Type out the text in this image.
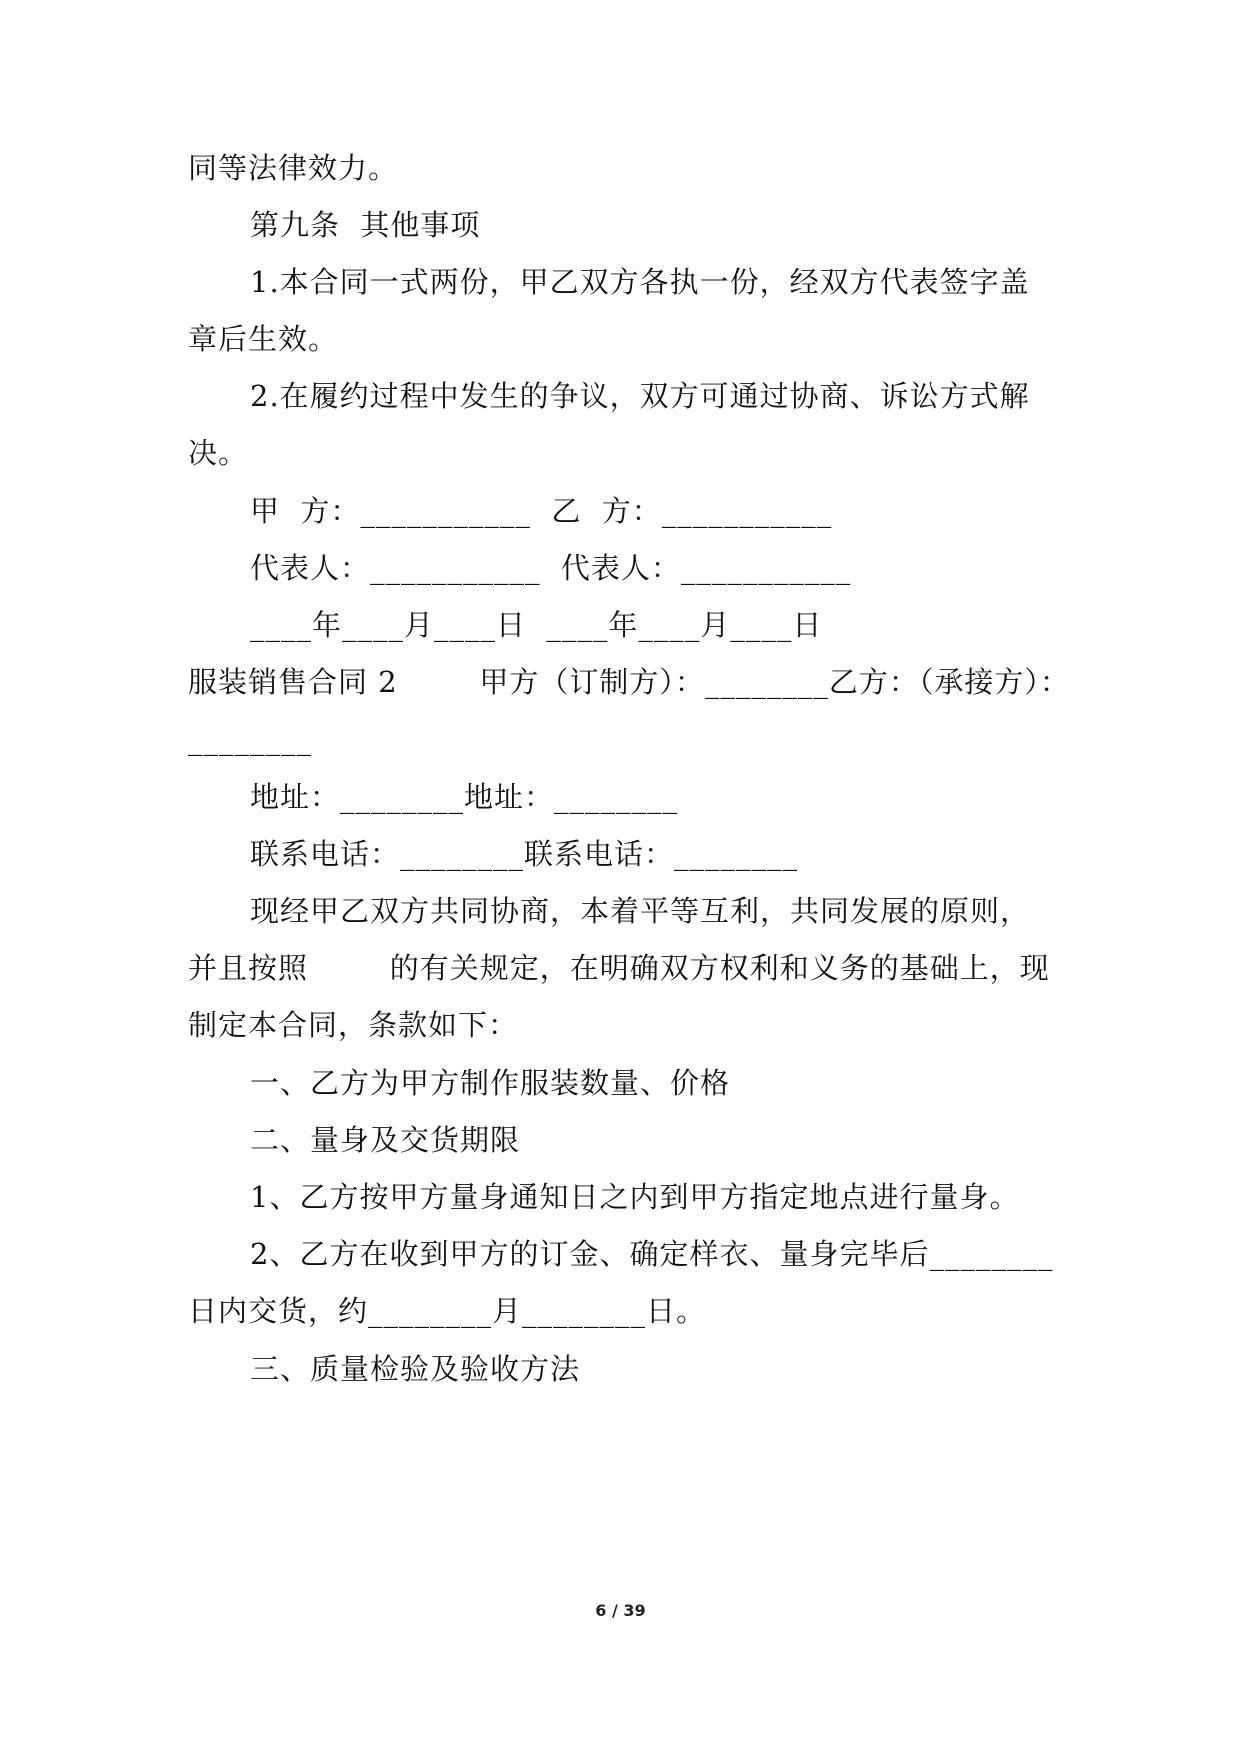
同等法律效力。
第九条  其他事项
1.本合同一式两份，甲乙双方各执一份，经双方代表签字盖
章后生效。
2.在履约过程中发生的争议，双方可通过协商、诉讼方式解
决。
甲  方：___________  乙  方：___________
代表人：___________  代表人：___________
____年____月____日  ____年____月____日
服装销售合同 2        甲方（订制方）：________乙方：（承接方）：
________
地址：________地址：________
联系电话：________联系电话：________
现经甲乙双方共同协商，本着平等互利，共同发展的原则，
并且按照        的有关规定，在明确双方权利和义务的基础上，现
制定本合同，条款如下：
一、乙方为甲方制作服装数量、价格
二、量身及交货期限
1、乙方按甲方量身通知日之内到甲方指定地点进行量身。
2、乙方在收到甲方的订金、确定样衣、量身完毕后________
日内交货，约________月________日。
三、质量检验及验收方法
6 / 39
